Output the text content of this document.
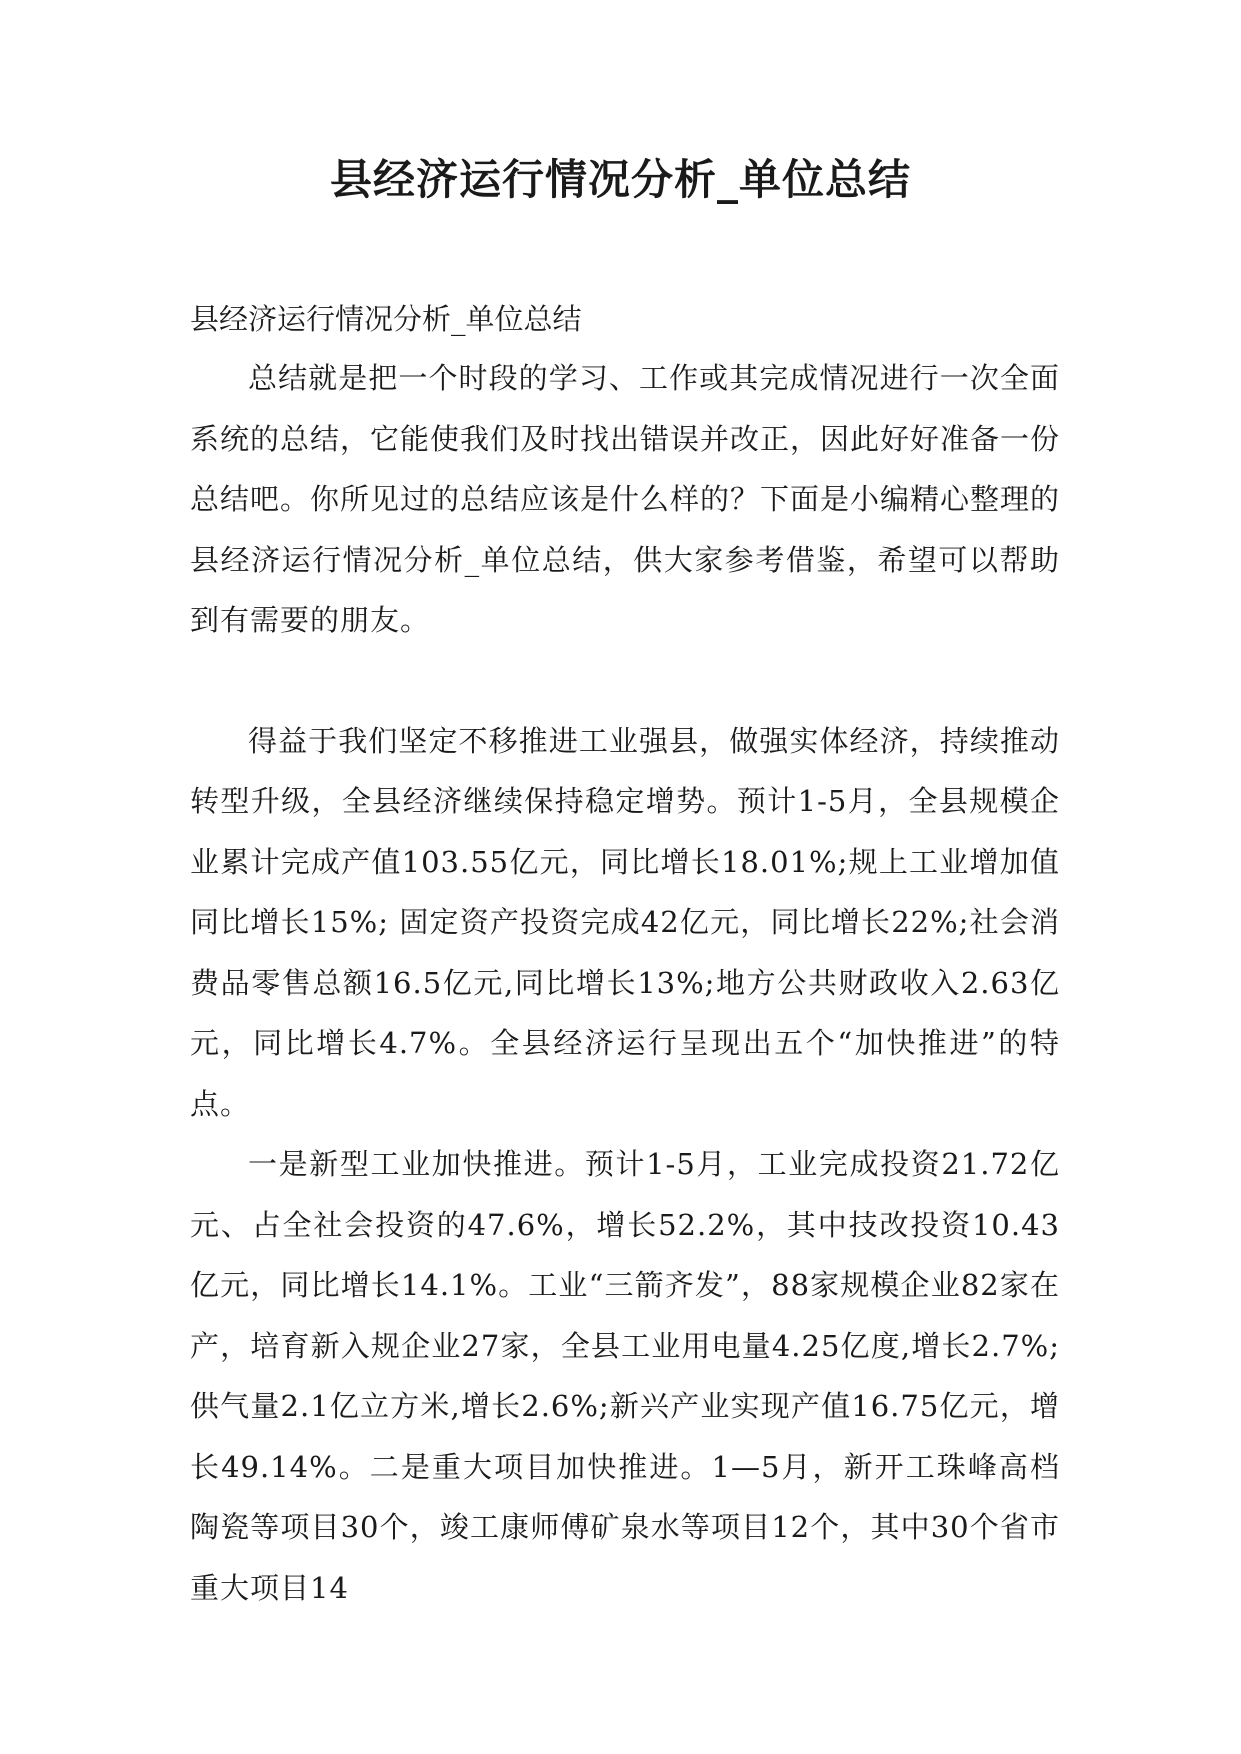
县经济运行情况分析_单位总结

县经济运行情况分析_单位总结

总结就是把一个时段的学习、工作或其完成情况进行一次全面系统的总结，它能使我们及时找出错误并改正，因此好好准备一份总结吧。你所见过的总结应该是什么样的？下面是小编精心整理的县经济运行情况分析_单位总结，供大家参考借鉴，希望可以帮助到有需要的朋友。

得益于我们坚定不移推进工业强县，做强实体经济，持续推动转型升级，全县经济继续保持稳定增势。预计1-5月，全县规模企业累计完成产值103.55亿元，同比增长18.01%;规上工业增加值同比增长15%; 固定资产投资完成42亿元，同比增长22%;社会消费品零售总额16.5亿元,同比增长13%;地方公共财政收入2.63亿元，同比增长4.7%。全县经济运行呈现出五个“加快推进”的特点。

一是新型工业加快推进。预计1-5月，工业完成投资21.72亿元、占全社会投资的47.6%，增长52.2%，其中技改投资10.43亿元，同比增长14.1%。工业“三箭齐发”，88家规模企业82家在产，培育新入规企业27家，全县工业用电量4.25亿度,增长2.7%;供气量2.1亿立方米,增长2.6%;新兴产业实现产值16.75亿元，增长49.14%。二是重大项目加快推进。1—5月，新开工珠峰高档陶瓷等项目30个，竣工康师傅矿泉水等项目12个，其中30个省市重大项目14
